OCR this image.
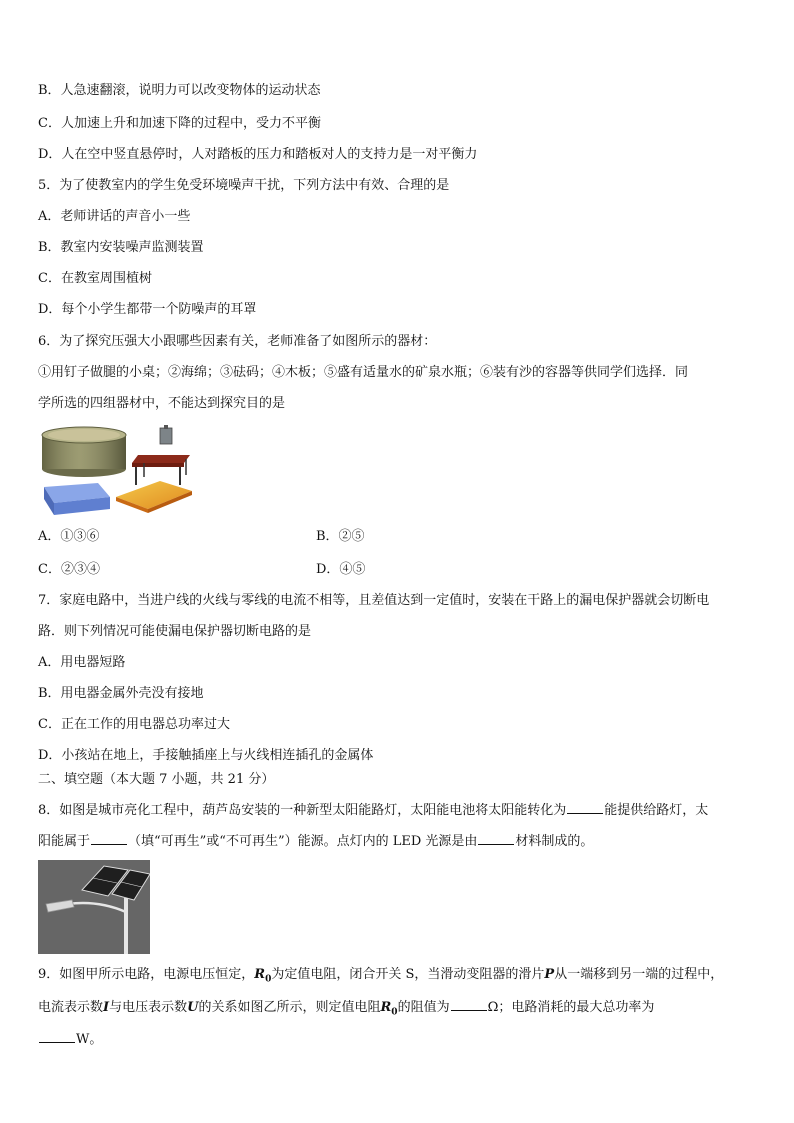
B．人急速翻滚，说明力可以改变物体的运动状态
C．人加速上升和加速下降的过程中，受力不平衡
D．人在空中竖直悬停时，人对踏板的压力和踏板对人的支持力是一对平衡力
5．为了使教室内的学生免受环境噪声干扰，下列方法中有效、合理的是
A．老师讲话的声音小一些
B．教室内安装噪声监测装置
C．在教室周围植树
D．每个小学生都带一个防噪声的耳罩
6．为了探究压强大小跟哪些因素有关，老师准备了如图所示的器材：
①用钉子做腿的小桌；②海绵；③砝码；④木板；⑤盛有适量水的矿泉水瓶；⑥装有沙的容器等供同学们选择．同
学所选的四组器材中，不能达到探究目的是
A．①③⑥	B．②⑤
C．②③④	D．④⑤
7．家庭电路中，当进户线的火线与零线的电流不相等，且差值达到一定值时，安装在干路上的漏电保护器就会切断电
路．则下列情况可能使漏电保护器切断电路的是
A．用电器短路
B．用电器金属外壳没有接地
C．正在工作的用电器总功率过大
D．小孩站在地上，手接触插座上与火线相连插孔的金属体
二、填空题（本大题 7 小题，共 21 分）
8．如图是城市亮化工程中，葫芦岛安装的一种新型太阳能路灯，太阳能电池将太阳能转化为	能提供给路灯，太
阳能属于	（填“可再生”或“不可再生”）能源。点灯内的 LED 光源是由	材料制成的。
9．如图甲所示电路，电源电压恒定，$R_0$为定值电阻，闭合开关 S，当滑动变阻器的滑片P从一端移到另一端的过程中，
电流表示数I与电压表示数U的关系如图乙所示，则定值电阻$R_0$的阻值为	Ω；电路消耗的最大总功率为
W。
